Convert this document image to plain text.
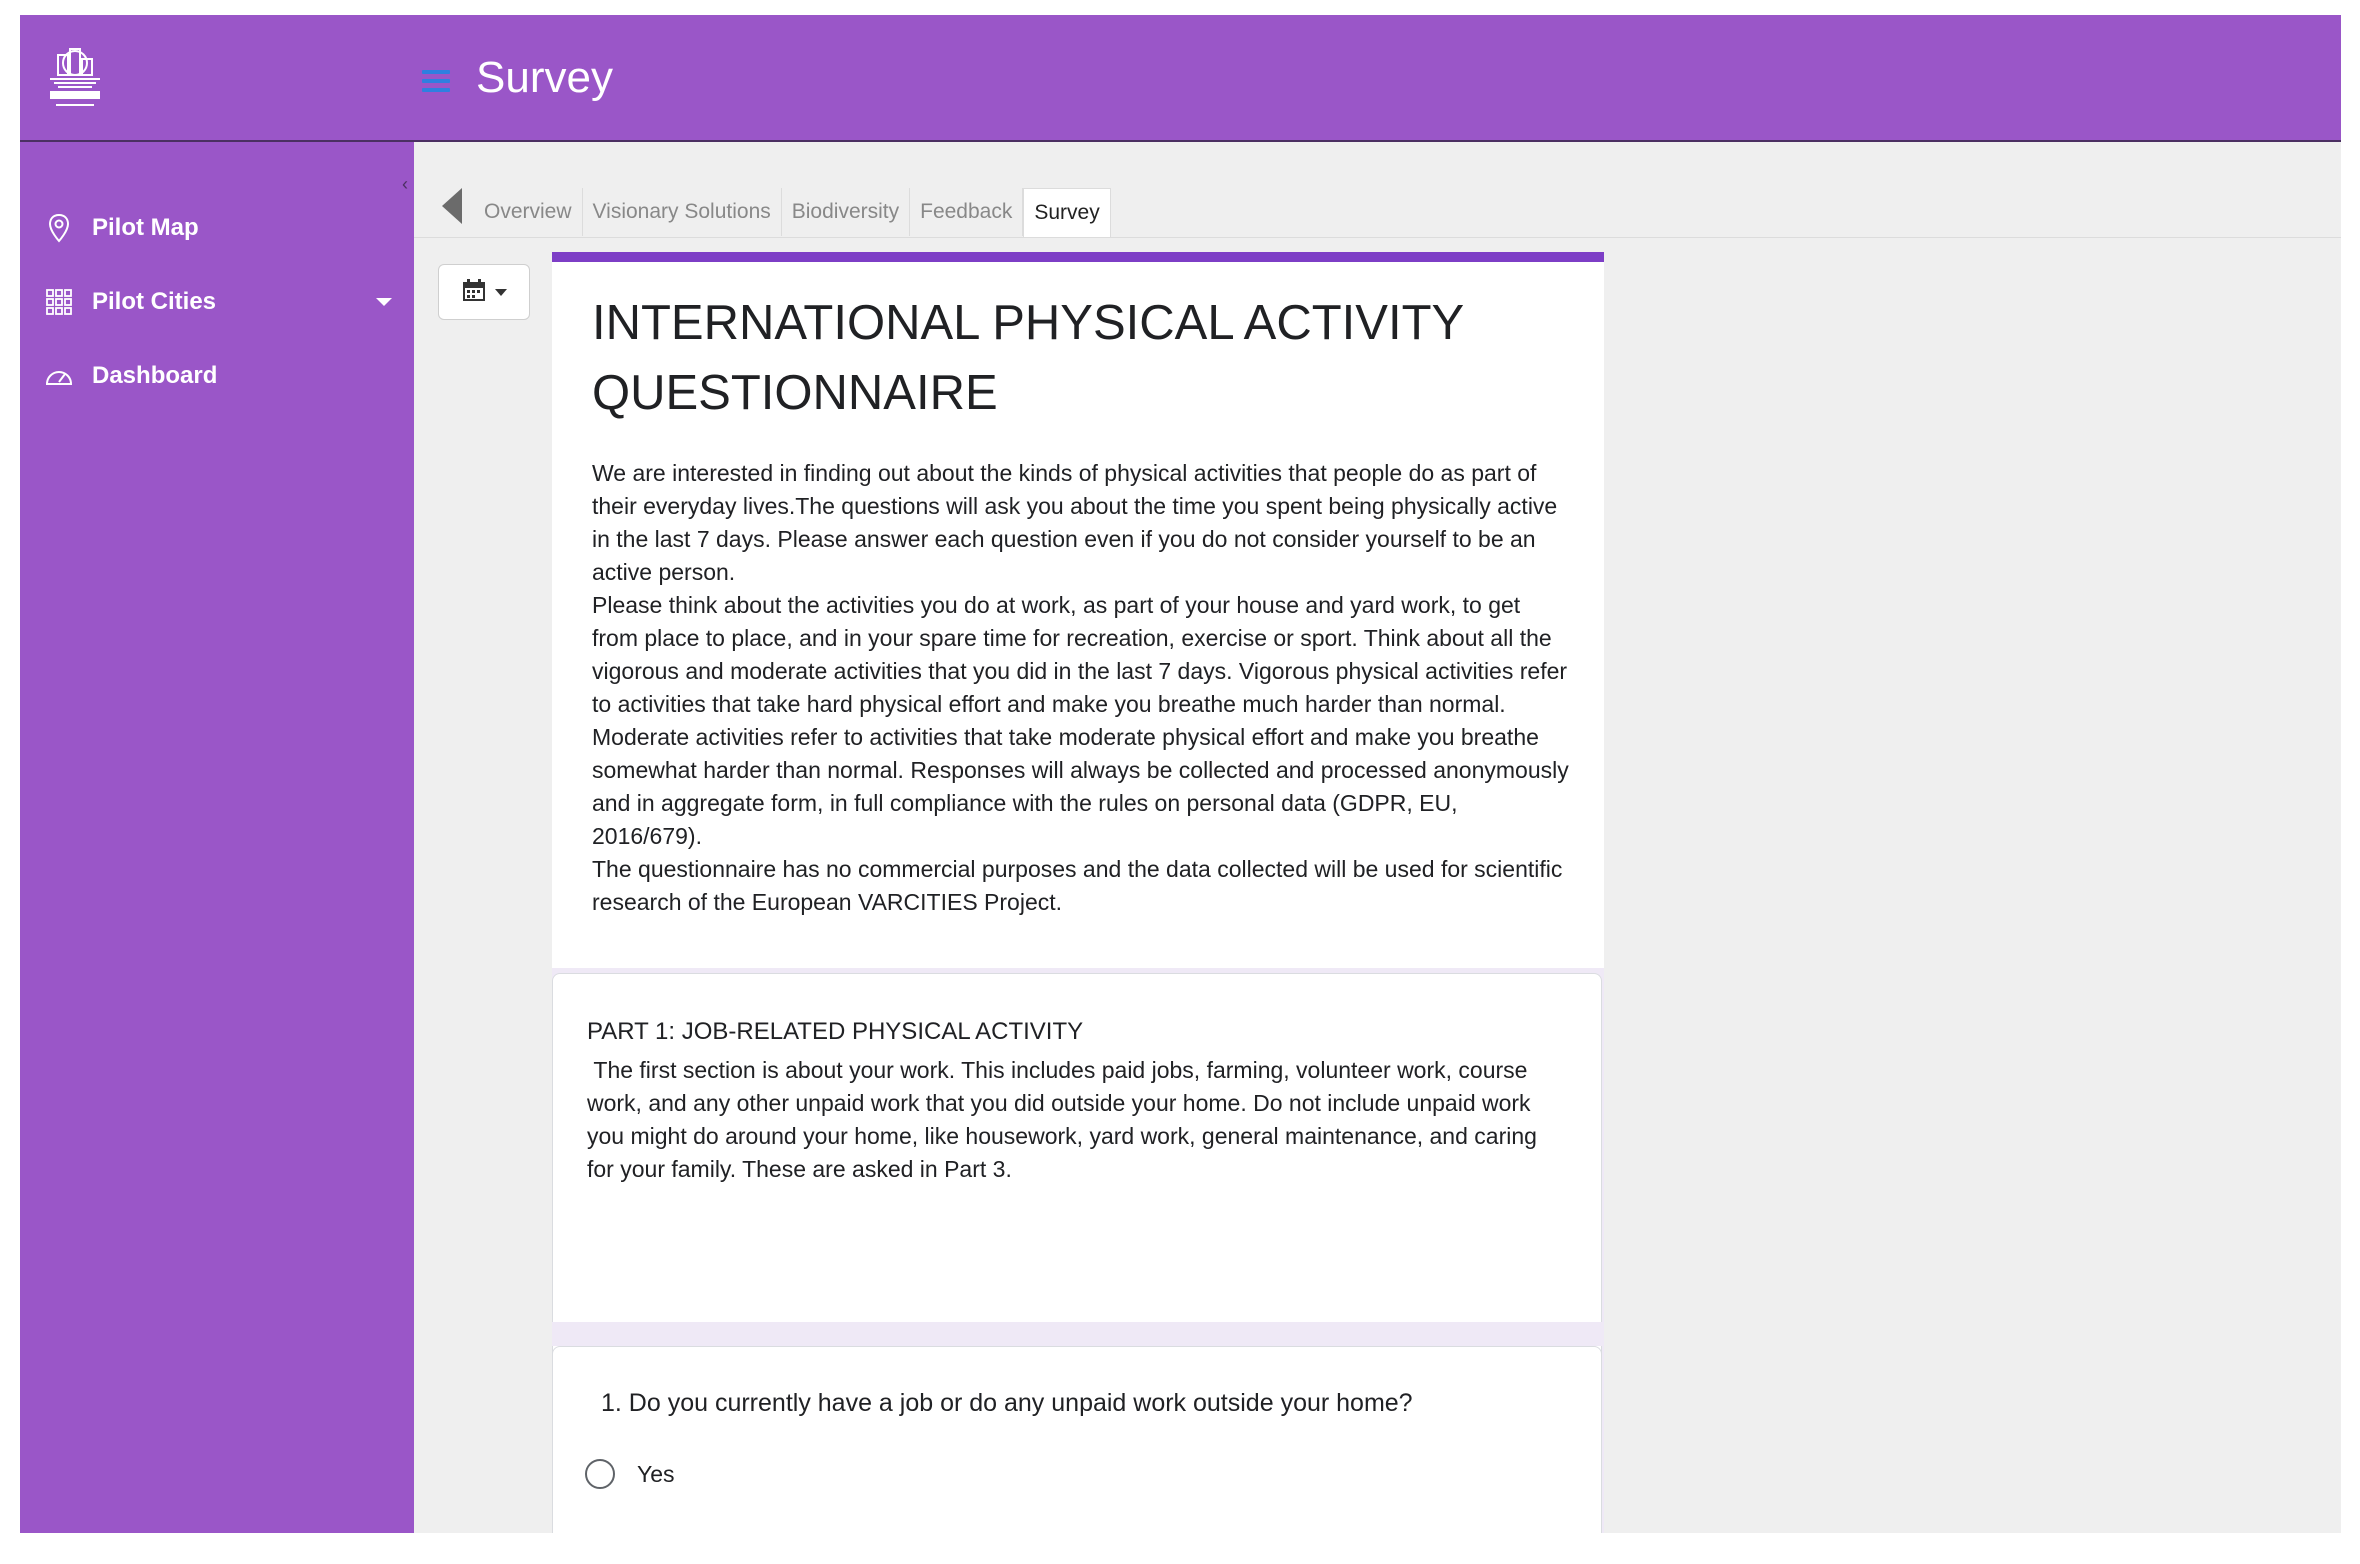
Survey
‹
Pilot Map
Pilot Cities
Dashboard
Overview	Visionary Solutions	Biodiversity	Feedback	Survey
INTERNATIONAL PHYSICAL ACTIVITY QUESTIONNAIRE
We are interested in finding out about the kinds of physical activities that people do as part of their everyday lives.The questions will ask you about the time you spent being physically active in the last 7 days. Please answer each question even if you do not consider yourself to be an active person.
Please think about the activities you do at work, as part of your house and yard work, to get from place to place, and in your spare time for recreation, exercise or sport. Think about all the vigorous and moderate activities that you did in the last 7 days. Vigorous physical activities refer to activities that take hard physical effort and make you breathe much harder than normal.
Moderate activities refer to activities that take moderate physical effort and make you breathe somewhat harder than normal. Responses will always be collected and processed anonymously and in aggregate form, in full compliance with the rules on personal data (GDPR, EU, 2016/679).
The questionnaire has no commercial purposes and the data collected will be used for scientific research of the European VARCITIES Project.
PART 1: JOB-RELATED PHYSICAL ACTIVITY
The first section is about your work. This includes paid jobs, farming, volunteer work, course
work, and any other unpaid work that you did outside your home. Do not include unpaid work
you might do around your home, like housework, yard work, general maintenance, and caring
for your family. These are asked in Part 3.
1. Do you currently have a job or do any unpaid work outside your home?
Yes
